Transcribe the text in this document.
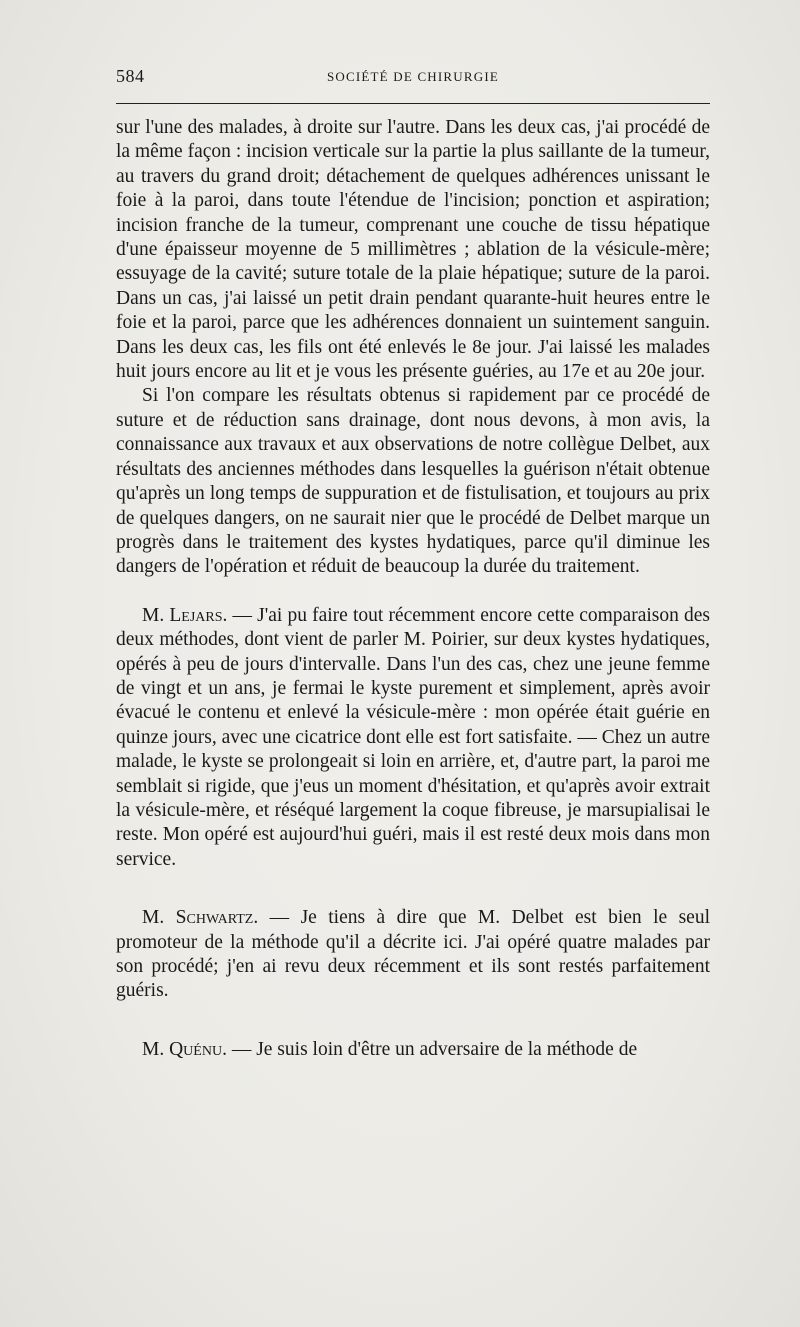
584	SOCIÉTÉ DE CHIRURGIE

sur l'une des malades, à droite sur l'autre. Dans les deux cas, j'ai procédé de la même façon : incision verticale sur la partie la plus saillante de la tumeur, au travers du grand droit; détachement de quelques adhérences unissant le foie à la paroi, dans toute l'étendue de l'incision; ponction et aspiration; incision franche de la tumeur, comprenant une couche de tissu hépatique d'une épaisseur moyenne de 5 millimètres ; ablation de la vésicule-mère; essuyage de la cavité; suture totale de la plaie hépatique; suture de la paroi. Dans un cas, j'ai laissé un petit drain pendant quarante-huit heures entre le foie et la paroi, parce que les adhérences donnaient un suintement sanguin. Dans les deux cas, les fils ont été enlevés le 8e jour. J'ai laissé les malades huit jours encore au lit et je vous les présente guéries, au 17e et au 20e jour.

Si l'on compare les résultats obtenus si rapidement par ce procédé de suture et de réduction sans drainage, dont nous devons, à mon avis, la connaissance aux travaux et aux observations de notre collègue Delbet, aux résultats des anciennes méthodes dans lesquelles la guérison n'était obtenue qu'après un long temps de suppuration et de fistulisation, et toujours au prix de quelques dangers, on ne saurait nier que le procédé de Delbet marque un progrès dans le traitement des kystes hydatiques, parce qu'il diminue les dangers de l'opération et réduit de beaucoup la durée du traitement.

M. Lejars. — J'ai pu faire tout récemment encore cette comparaison des deux méthodes, dont vient de parler M. Poirier, sur deux kystes hydatiques, opérés à peu de jours d'intervalle. Dans l'un des cas, chez une jeune femme de vingt et un ans, je fermai le kyste purement et simplement, après avoir évacué le contenu et enlevé la vésicule-mère : mon opérée était guérie en quinze jours, avec une cicatrice dont elle est fort satisfaite. — Chez un autre malade, le kyste se prolongeait si loin en arrière, et, d'autre part, la paroi me semblait si rigide, que j'eus un moment d'hésitation, et qu'après avoir extrait la vésicule-mère, et réséqué largement la coque fibreuse, je marsupialisai le reste. Mon opéré est aujourd'hui guéri, mais il est resté deux mois dans mon service.

M. Schwartz. — Je tiens à dire que M. Delbet est bien le seul promoteur de la méthode qu'il a décrite ici. J'ai opéré quatre malades par son procédé; j'en ai revu deux récemment et ils sont restés parfaitement guéris.

M. Quénu. — Je suis loin d'être un adversaire de la méthode de
